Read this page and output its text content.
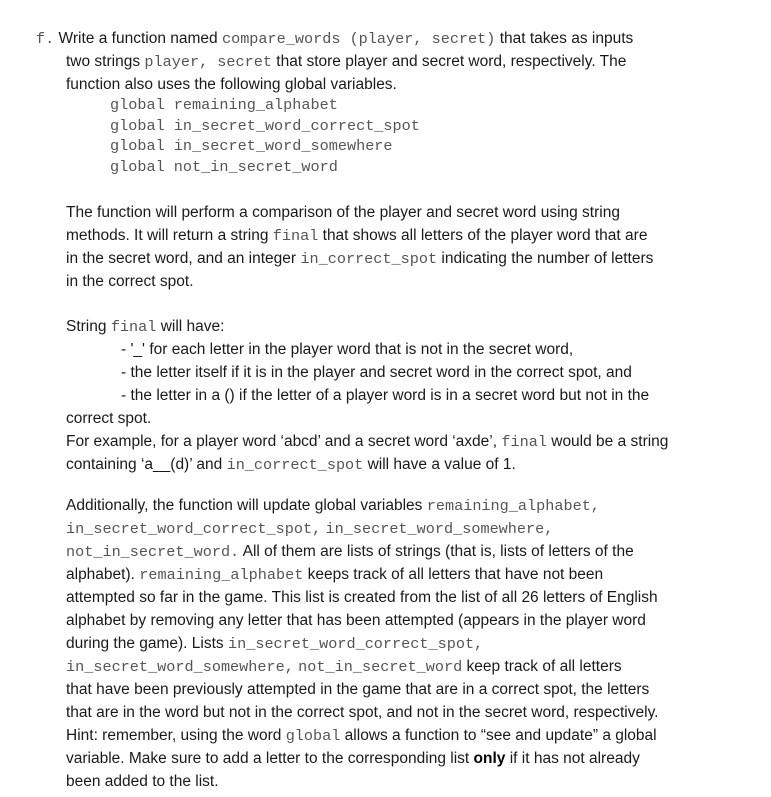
f. Write a function named compare_words (player, secret) that takes as inputs

two strings player, secret that store player and secret word, respectively. The

function also uses the following global variables.

global remaining_alphabet

global in_secret_word_correct_spot

global in_secret_word_somewhere

global not_in_secret_word

The function will perform a comparison of the player and secret word using string

methods. It will return a string final that shows all letters of the player word that are

in the secret word, and an integer in_correct_spot indicating the number of letters

in the correct spot.

String final will have:

- '_' for each letter in the player word that is not in the secret word,

- the letter itself if it is in the player and secret word in the correct spot, and

- the letter in a () if the letter of a player word is in a secret word but not in the

correct spot.

For example, for a player word ‘abcd’ and a secret word ‘axde’, final would be a string

containing ‘a__(d)’ and in_correct_spot will have a value of 1.

Additionally, the function will update global variables remaining_alphabet,

in_secret_word_correct_spot, in_secret_word_somewhere,

not_in_secret_word. All of them are lists of strings (that is, lists of letters of the

alphabet). remaining_alphabet keeps track of all letters that have not been

attempted so far in the game. This list is created from the list of all 26 letters of English

alphabet by removing any letter that has been attempted (appears in the player word

during the game). Lists in_secret_word_correct_spot,

in_secret_word_somewhere, not_in_secret_word keep track of all letters

that have been previously attempted in the game that are in a correct spot, the letters

that are in the word but not in the correct spot, and not in the secret word, respectively.

Hint: remember, using the word global allows a function to “see and update” a global

variable. Make sure to add a letter to the corresponding list only if it has not already

been added to the list.
